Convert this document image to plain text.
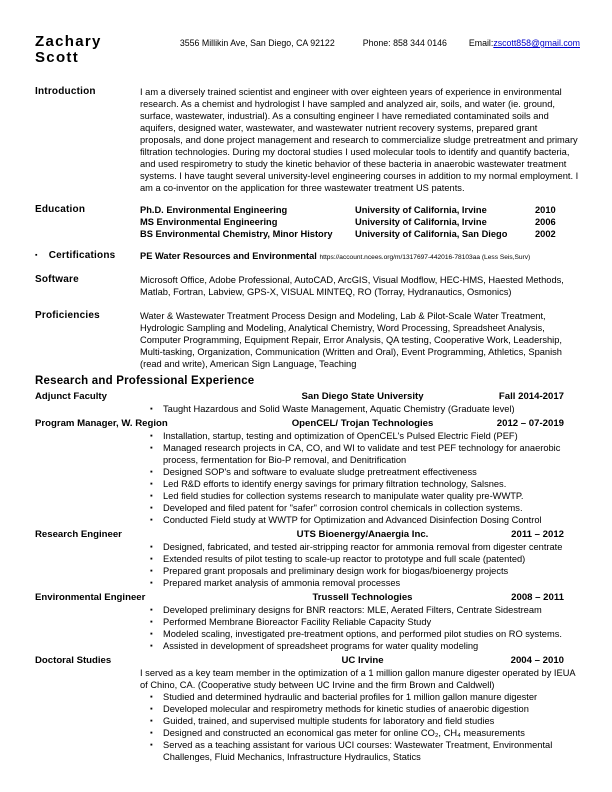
Zachary Scott
3556 Millikin Ave, San Diego, CA 92122	Phone: 858 344 0146	Email:zscott858@gmail.com
Introduction	I am a diversely trained scientist and engineer with over eighteen years of experience in environmental research. As a chemist and hydrologist I have sampled and analyzed air, soils, and water (ie. ground, surface, wastewater, industrial). As a consulting engineer I have remediated contaminated soils and aquifers, designed water, wastewater, and wastewater nutrient recovery systems, prepared grant proposals, and done project management and research to commercialize sludge pretreatment and primary filtration technologies. During my doctoral studies I used molecular tools to identify and quantify bacteria, and used respirometry to study the kinetic behavior of these bacteria in anaerobic wastewater treatment systems. I have taught several university-level engineering courses in addition to my normal employment. I am a co-inventor on the application for three wastewater treatment US patents.
Education	Ph.D. Environmental Engineering	University of California, Irvine	2010
MS Environmental Engineering	University of California, Irvine	2006
BS Environmental Chemistry, Minor History	University of California, San Diego	2002
▪ Certifications	PE Water Resources and Environmental https://account.ncees.org/m/1317697-442016-78103aa (Less Seis,Surv)
Software	Microsoft Office, Adobe Professional, AutoCAD, ArcGIS, Visual Modflow, HEC-HMS, Haested Methods, Matlab, Fortran, Labview, GPS-X, VISUAL MINTEQ, RO (Torray, Hydranautics, Osmonics)
Proficiencies	Water & Wastewater Treatment Process Design and Modeling, Lab & Pilot-Scale Water Treatment, Hydrologic Sampling and Modeling, Analytical Chemistry, Word Processing, Spreadsheet Analysis, Computer Programming, Equipment Repair, Error Analysis, QA testing, Cooperative Work, Leadership, Multi-tasking, Organization, Communication (Written and Oral), Event Programming, Athletics, Spanish (read and write), American Sign Language, Teaching
Research and Professional Experience
Adjunct Faculty	San Diego State University	Fall 2014-2017
▪ Taught Hazardous and Solid Waste Management, Aquatic Chemistry (Graduate level)
Program Manager, W. Region	OpenCEL/ Trojan Technologies	2012 – 07-2019
▪ Installation, startup, testing and optimization of OpenCEL's Pulsed Electric Field (PEF)
▪ Managed research projects in CA, CO, and WI to validate and test PEF technology for anaerobic process, fermentation for Bio-P removal, and Denitrification
▪ Designed SOP's and software to evaluate sludge pretreatment effectiveness
▪ Led R&D efforts to identify energy savings for primary filtration technology, Salsnes.
▪ Led field studies for collection systems research to manipulate water quality pre-WWTP.
▪ Developed and filed patent for "safer" corrosion control chemicals in collection systems.
▪ Conducted Field study at WWTP for Optimization and Advanced Disinfection Dosing Control
Research Engineer	UTS Bioenergy/Anaergia Inc.	2011 – 2012
▪ Designed, fabricated, and tested air-stripping reactor for ammonia removal from digester centrate
▪ Extended results of pilot testing to scale-up reactor to prototype and full scale (patented)
▪ Prepared grant proposals and preliminary design work for biogas/bioenergy projects
▪ Prepared market analysis of ammonia removal processes
Environmental Engineer	Trussell Technologies	2008 – 2011
▪ Developed preliminary designs for BNR reactors: MLE, Aerated Filters, Centrate Sidestream
▪ Performed Membrane Bioreactor Facility Reliable Capacity Study
▪ Modeled scaling, investigated pre-treatment options, and performed pilot studies on RO systems.
▪ Assisted in development of spreadsheet programs for water quality modeling
Doctoral Studies	UC Irvine	2004 – 2010

I served as a key team member in the optimization of a 1 million gallon manure digester operated by IEUA of Chino, CA. (Cooperative study between UC Irvine and the firm Brown and Caldwell)

▪ Studied and determined hydraulic and bacterial profiles for 1 million gallon manure digester
▪ Developed molecular and respirometry methods for kinetic studies of anaerobic digestion
▪ Guided, trained, and supervised multiple students for laboratory and field studies
▪ Designed and constructed an economical gas meter for online CO₂, CH₄ measurements
▪ Served as a teaching assistant for various UCI courses: Wastewater Treatment, Environmental Challenges, Fluid Mechanics, Infrastructure Hydraulics, Statics
